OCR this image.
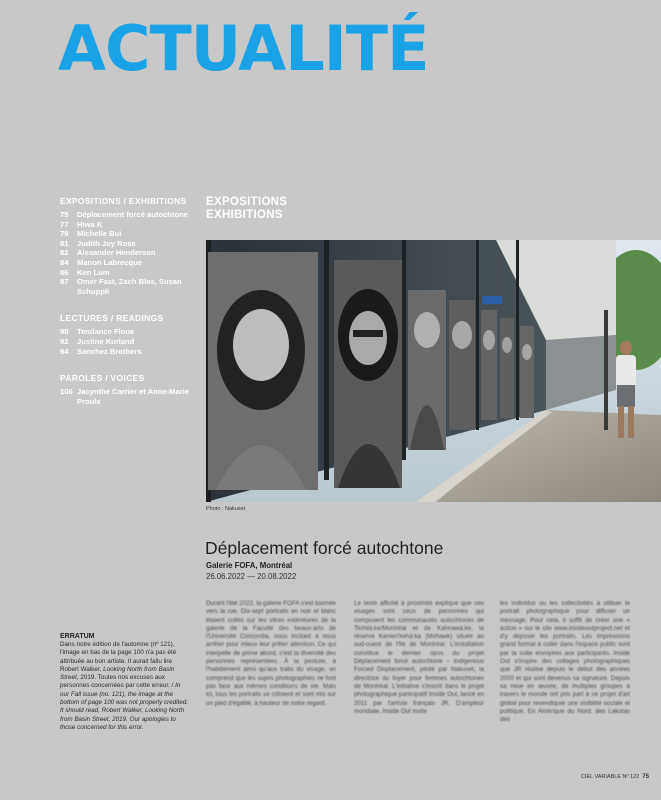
ACTUALITÉ
EXPOSITIONS / EXHIBITIONS
75	Déplacement forcé autochtone
77	Hiwa K
79	Michelle Bui
81	Judith Joy Ross
82	Alexander Henderson
84	Manon Labrecque
86	Ken Lum
87	Omer Fast, Zach Blas, Susan Schuppli
LECTURES / READINGS
90	Tendance Floue
92	Justine Kurland
94	Sanchez Brothers
PAROLES / VOICES
106 Jacynthe Carrier et Anne-Marie Proulx
EXPOSITIONS
EXHIBITIONS
Photo : Nakuset
Déplacement forcé autochtone
Galerie FOFA, Montréal
26.06.2022 — 20.08.2022

Durant l'été 2022, la galerie FOFA s'est tournée vers la rue. Dix-sept portraits en noir et blanc étaient collés sur les vitres extérieures de la galerie de la Faculté des beaux-arts de l'Université Concordia, nous incitant à nous arrêter pour mieux leur prêter attention. Ce qui interpelle de prime abord, c'est la diversité des personnes représentées. À la posture, à l'habillement ainsi qu'aux traits du visage, on comprend que les sujets photographiés ne font pas face aux mêmes conditions de vie. Mais ici, tous les portraits se côtoient et sont mis sur un pied d'égalité, à hauteur de notre regard.

Le texte affiché à proximité explique que ces visages sont ceux de personnes qui composent les communautés autochtones de Tiohtià:ke/Montréal et de Kahnawà:ke, la réserve Kanien'kehá:ka (Mohawk) située au sud-ouest de l'île de Montréal. L'installation constitue le dernier opus du projet Déplacement forcé autochtone – Indigenous Forced Displacement, piloté par Nakuset, la directrice du foyer pour femmes autochtones de Montréal. L'initiative s'inscrit dans le projet photographique participatif Inside Out, lancé en 2011 par l'artiste français JR. D'ampleur mondiale, Inside Out invite

les individus ou les collectivités à utiliser le portrait photographique pour diffuser un message. Pour cela, il suffit de créer une « action » sur le site www.insideoutproject.net et d'y déposer les portraits. Les impressions grand format à coller dans l'espace public sont par la suite envoyées aux participants. Inside Out s'inspire des collages photographiques que JR réalise depuis le début des années 2000 et qui sont devenus sa signature. Depuis sa mise en œuvre, de multiples groupes à travers le monde ont pris part à ce projet d'art global pour revendiquer une visibilité sociale et politique. En Amérique du Nord, des Lakotas des

ERRATUM

Dans notre édition de l'automne (nº 121), l'image en bas de la page 100 n'a pas été attribuée au bon artiste. Il aurait fallu lire Robert Walker, Looking North from Basin Street, 2019. Toutes nos excuses aux personnes concernées par cette erreur. / In our Fall issue (no. 121), the image at the bottom of page 100 was not properly credited. It should read, Robert Walker, Looking North from Basin Street, 2019. Our apologies to those concerned for this error.

CIEL VARIABLE Nº 122 75
